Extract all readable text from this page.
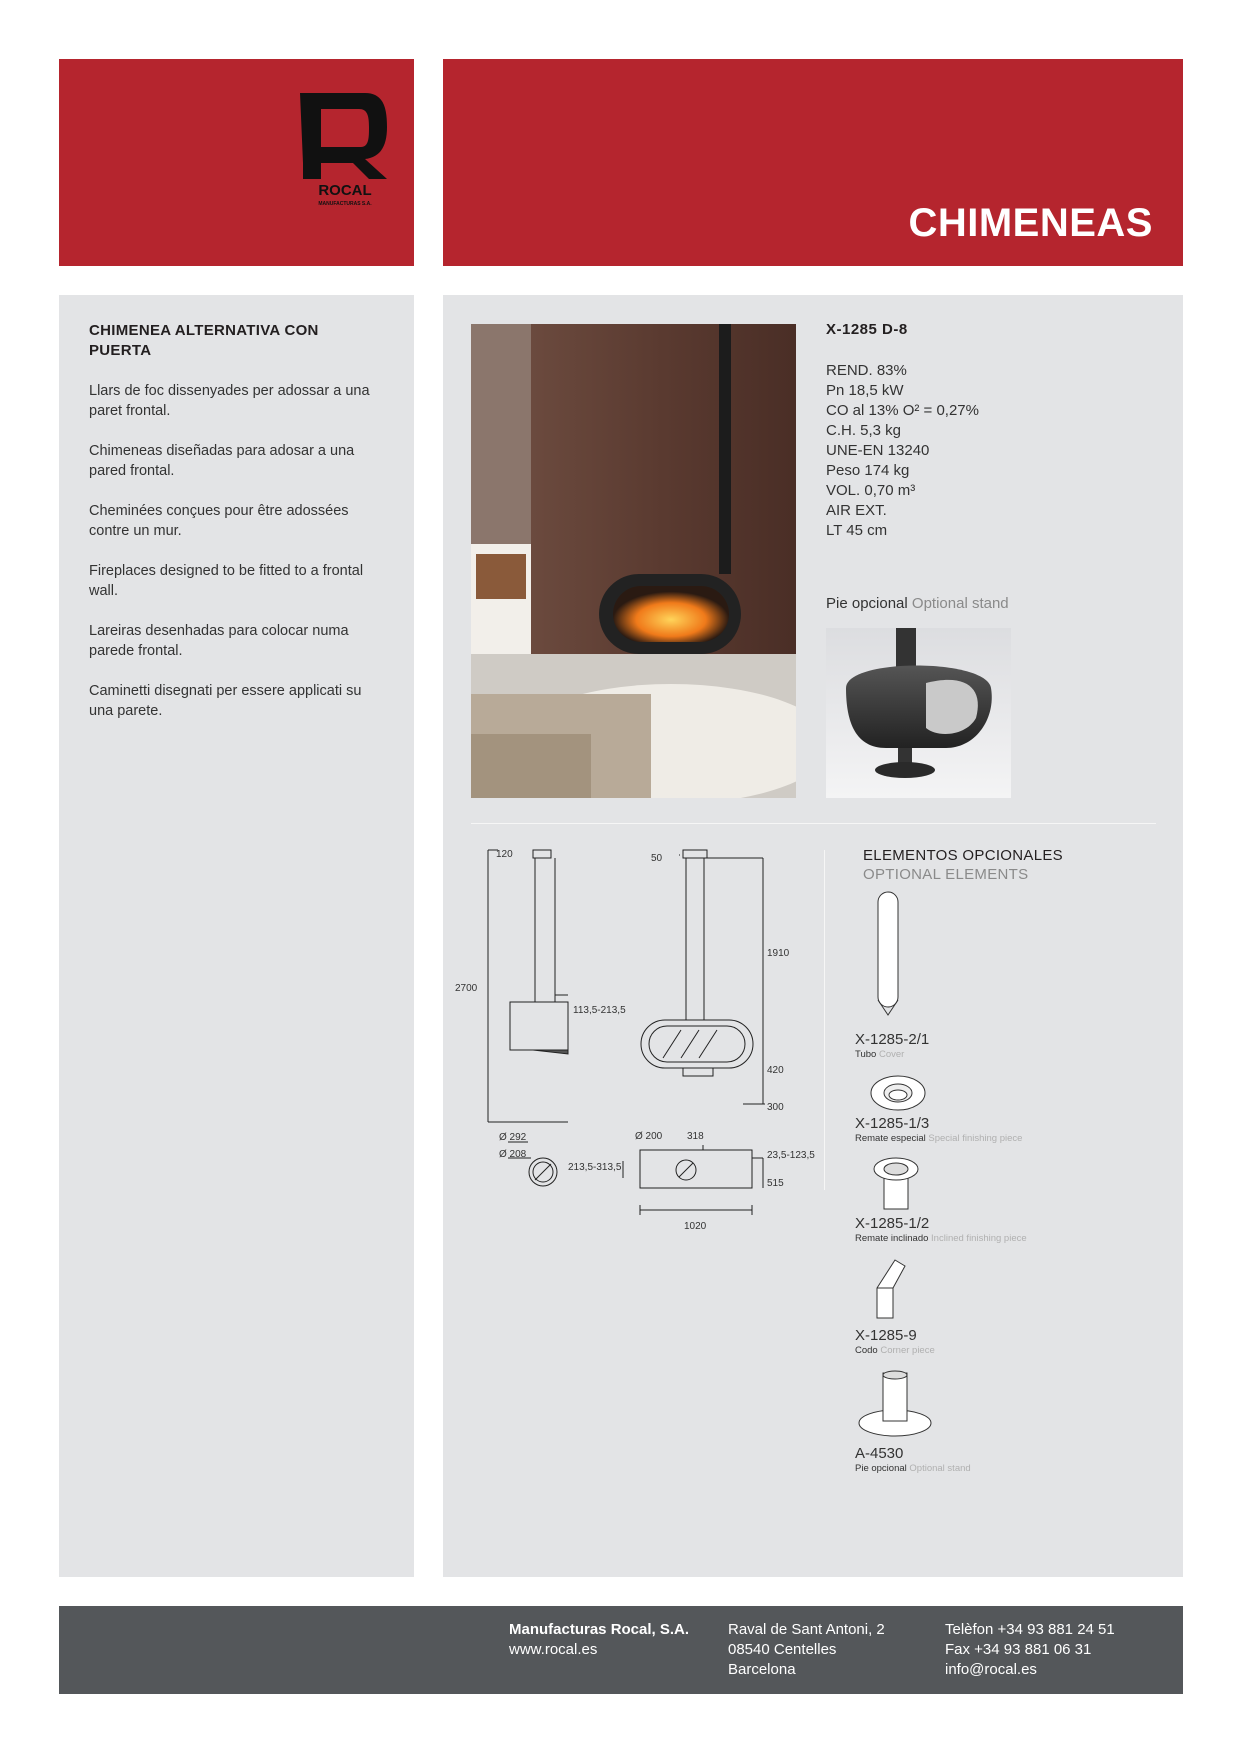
ROCAL
MANUFACTURAS S.A.	CHIMENEAS
CHIMENEA ALTERNATIVA CON PUERTA
Llars de foc dissenyades per adossar a una paret frontal.
Chimeneas diseñadas para adosar a una pared frontal.
Cheminées conçues pour être adossées contre un mur.
Fireplaces designed to be fitted to a frontal wall.
Lareiras desenhadas para colocar numa parede frontal.
Caminetti disegnati per essere applicati su una parete.
X-1285 D-8
REND. 83%
Pn 18,5 kW
CO al 13% O² = 0,27%
C.H. 5,3 kg
UNE-EN 13240
Peso 174 kg
VOL. 0,70 m³
AIR EXT.
LT 45 cm
Pie opcional Optional stand
120	50
2700
1910
113,5-213,5
420
300
Ø 292
Ø 208
213,5-313,5
Ø 200 318
23,5-123,5
515
1020
ELEMENTOS OPCIONALES
OPTIONAL ELEMENTS
X-1285-2/1
Tubo Cover
X-1285-1/3
Remate especial Special finishing piece
X-1285-1/2
Remate inclinado Inclined finishing piece
X-1285-9
Codo Corner piece
A-4530
Pie opcional Optional stand
Manufacturas Rocal, S.A.
www.rocal.es
Raval de Sant Antoni, 2
08540 Centelles
Barcelona
Telèfon +34 93 881 24 51
Fax +34 93 881 06 31
info@rocal.es
